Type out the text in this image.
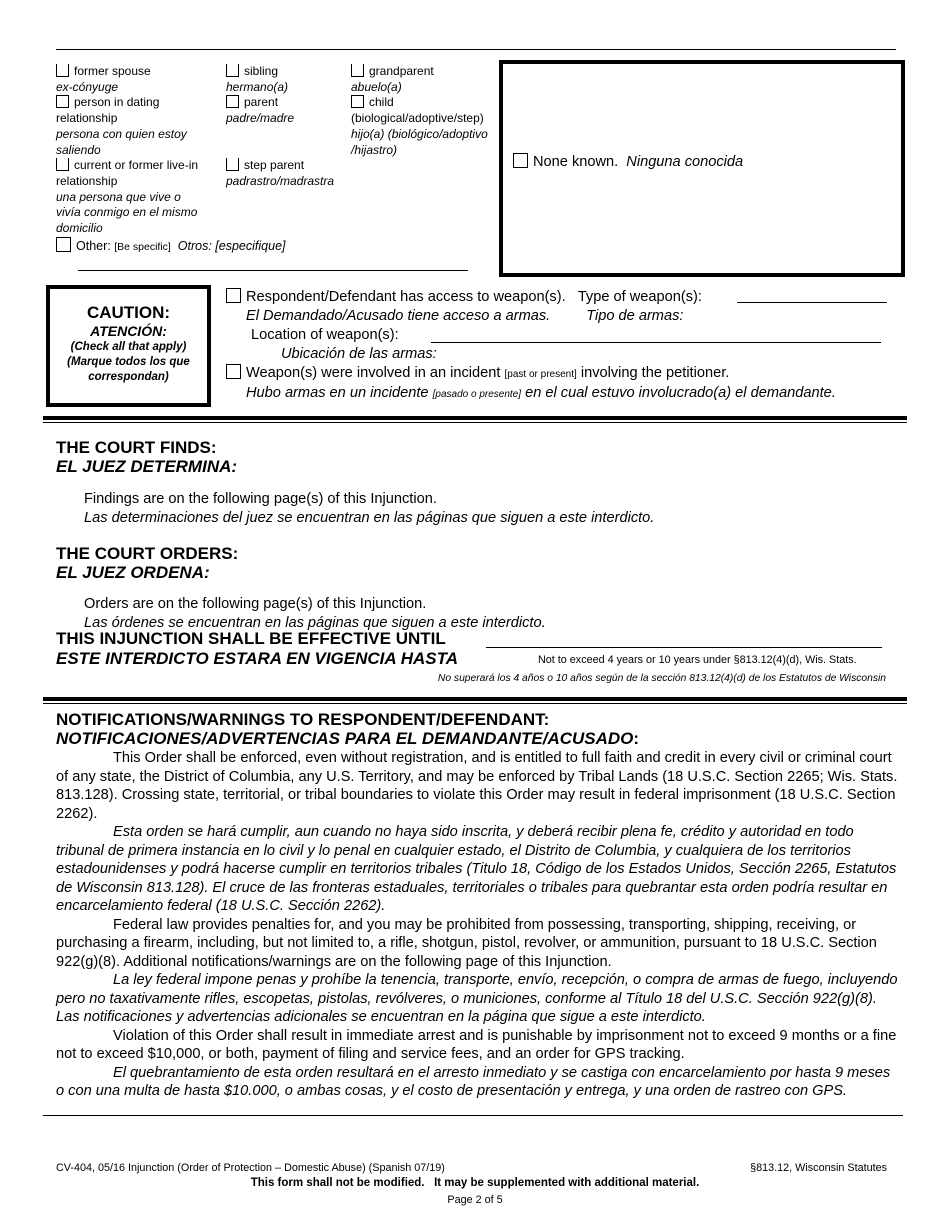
former spouse
ex-cónyuge
person in dating
relationship
persona con quien estoy
saliendo
current or former live-in
relationship
una persona que vive o
vivía conmigo en el mismo
domicilio
Other: [Be specific] Otros: [especifique]
sibling
hermano(a)
parent
padre/madre
step parent
padrastro/madrastra
grandparent
abuelo(a)
child
(biological/adoptive/step)
hijo(a) (biológico/adoptivo
/hijastro)
None known. Ninguna conocida
CAUTION:
ATENCIÓN:
(Check all that apply)
(Marque todos los que
correspondan)
Respondent/Defendant has access to weapon(s). Type of weapon(s):
El Demandado/Acusado tiene acceso a armas. Tipo de armas:
Location of weapon(s):
Ubicación de las armas:
Weapon(s) were involved in an incident [past or present] involving the petitioner.
Hubo armas en un incidente [pasado o presente] en el cual estuvo involucrado(a) el demandante.
THE COURT FINDS:
EL JUEZ DETERMINA:
Findings are on the following page(s) of this Injunction.
Las determinaciones del juez se encuentran en las páginas que siguen a este interdicto.
THE COURT ORDERS:
EL JUEZ ORDENA:
Orders are on the following page(s) of this Injunction.
Las órdenes se encuentran en las páginas que siguen a este interdicto.
THIS INJUNCTION SHALL BE EFFECTIVE UNTIL
ESTE INTERDICTO ESTARA EN VIGENCIA HASTA	Not to exceed 4 years or 10 years under §813.12(4)(d), Wis. Stats.
No superará los 4 años o 10 años según de la sección 813.12(4)(d) de los Estatutos de Wisconsin
NOTIFICATIONS/WARNINGS TO RESPONDENT/DEFENDANT:
NOTIFICACIONES/ADVERTENCIAS PARA EL DEMANDANTE/ACUSADO:

This Order shall be enforced, even without registration, and is entitled to full faith and credit in every civil or criminal court of any state, the District of Columbia, any U.S. Territory, and may be enforced by Tribal Lands (18 U.S.C. Section 2265; Wis. Stats. 813.128). Crossing state, territorial, or tribal boundaries to violate this Order may result in federal imprisonment (18 U.S.C. Section 2262).

Esta orden se hará cumplir, aun cuando no haya sido inscrita, y deberá recibir plena fe, crédito y autoridad en todo tribunal de primera instancia en lo civil y lo penal en cualquier estado, el Distrito de Columbia, y cualquiera de los territorios estadounidenses y podrá hacerse cumplir en territorios tribales (Titulo 18, Código de los Estados Unidos, Sección 2265, Estatutos de Wisconsin 813.128). El cruce de las fronteras estaduales, territoriales o tribales para quebrantar esta orden podría resultar en encarcelamiento federal (18 U.S.C. Sección 2262).

Federal law provides penalties for, and you may be prohibited from possessing, transporting, shipping, receiving, or purchasing a firearm, including, but not limited to, a rifle, shotgun, pistol, revolver, or ammunition, pursuant to 18 U.S.C. Section 922(g)(8). Additional notifications/warnings are on the following page of this Injunction.

La ley federal impone penas y prohíbe la tenencia, transporte, envío, recepción, o compra de armas de fuego, incluyendo pero no taxativamente rifles, escopetas, pistolas, revólveres, o municiones, conforme al Título 18 del U.S.C. Sección 922(g)(8). Las notificaciones y advertencias adicionales se encuentran en la página que sigue a este interdicto.

Violation of this Order shall result in immediate arrest and is punishable by imprisonment not to exceed 9 months or a fine not to exceed $10,000, or both, payment of filing and service fees, and an order for GPS tracking.

El quebrantamiento de esta orden resultará en el arresto inmediato y se castiga con encarcelamiento por hasta 9 meses o con una multa de hasta $10.000, o ambas cosas, y el costo de presentación y entrega, y una orden de rastreo con GPS.

CV-404, 05/16 Injunction (Order of Protection – Domestic Abuse) (Spanish 07/19)	§813.12, Wisconsin Statutes
This form shall not be modified.   It may be supplemented with additional material.
Page 2 of 5
